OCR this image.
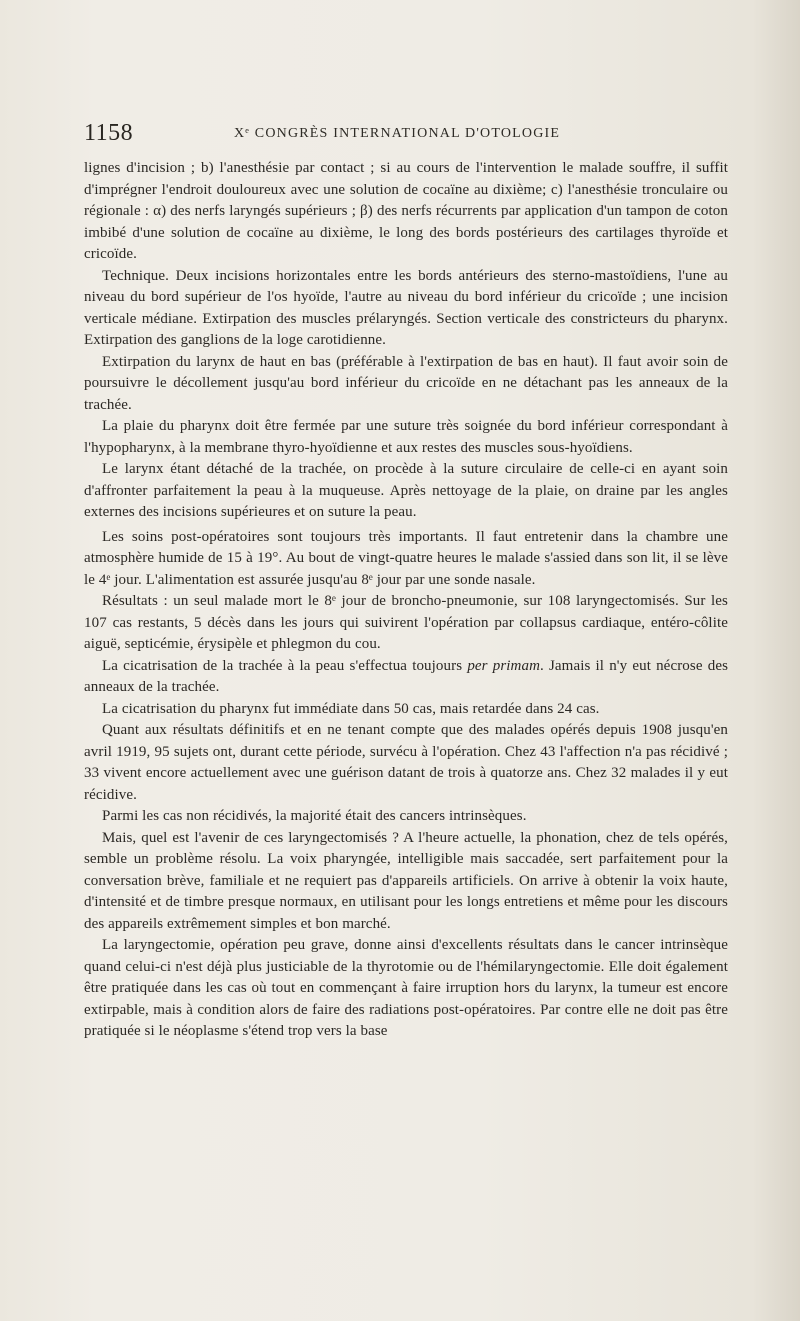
1158	Xᵉ CONGRÈS INTERNATIONAL D'OTOLOGIE

lignes d'incision ; b) l'anesthésie par contact ; si au cours de l'intervention le malade souffre, il suffit d'imprégner l'endroit douloureux avec une solution de cocaïne au dixième; c) l'anesthésie tronculaire ou régionale : α) des nerfs laryngés supérieurs ; β) des nerfs récurrents par application d'un tampon de coton imbibé d'une solution de cocaïne au dixième, le long des bords postérieurs des cartilages thyroïde et cricoïde.

Technique. Deux incisions horizontales entre les bords antérieurs des sterno-mastoïdiens, l'une au niveau du bord supérieur de l'os hyoïde, l'autre au niveau du bord inférieur du cricoïde ; une incision verticale médiane. Extirpation des muscles prélaryngés. Section verticale des constricteurs du pharynx. Extirpation des ganglions de la loge carotidienne.

Extirpation du larynx de haut en bas (préférable à l'extirpation de bas en haut). Il faut avoir soin de poursuivre le décollement jusqu'au bord inférieur du cricoïde en ne détachant pas les anneaux de la trachée.

La plaie du pharynx doit être fermée par une suture très soignée du bord inférieur correspondant à l'hypopharynx, à la membrane thyro-hyoïdienne et aux restes des muscles sous-hyoïdiens.

Le larynx étant détaché de la trachée, on procède à la suture circulaire de celle-ci en ayant soin d'affronter parfaitement la peau à la muqueuse. Après nettoyage de la plaie, on draine par les angles externes des incisions supérieures et on suture la peau.

Les soins post-opératoires sont toujours très importants. Il faut entretenir dans la chambre une atmosphère humide de 15 à 19°. Au bout de vingt-quatre heures le malade s'assied dans son lit, il se lève le 4ᵉ jour. L'alimentation est assurée jusqu'au 8ᵉ jour par une sonde nasale.

Résultats : un seul malade mort le 8ᵉ jour de broncho-pneumonie, sur 108 laryngectomisés. Sur les 107 cas restants, 5 décès dans les jours qui suivirent l'opération par collapsus cardiaque, entéro-côlite aiguë, septicémie, érysipèle et phlegmon du cou.

La cicatrisation de la trachée à la peau s'effectua toujours per primam. Jamais il n'y eut nécrose des anneaux de la trachée.

La cicatrisation du pharynx fut immédiate dans 50 cas, mais retardée dans 24 cas.

Quant aux résultats définitifs et en ne tenant compte que des malades opérés depuis 1908 jusqu'en avril 1919, 95 sujets ont, durant cette période, survécu à l'opération. Chez 43 l'affection n'a pas récidivé ; 33 vivent encore actuellement avec une guérison datant de trois à quatorze ans. Chez 32 malades il y eut récidive.

Parmi les cas non récidivés, la majorité était des cancers intrinsèques.

Mais, quel est l'avenir de ces laryngectomisés ? A l'heure actuelle, la phonation, chez de tels opérés, semble un problème résolu. La voix pharyngée, intelligible mais saccadée, sert parfaitement pour la conversation brève, familiale et ne requiert pas d'appareils artificiels. On arrive à obtenir la voix haute, d'intensité et de timbre presque normaux, en utilisant pour les longs entretiens et même pour les discours des appareils extrêmement simples et bon marché.

La laryngectomie, opération peu grave, donne ainsi d'excellents résultats dans le cancer intrinsèque quand celui-ci n'est déjà plus justiciable de la thyrotomie ou de l'hémilaryngectomie. Elle doit également être pratiquée dans les cas où tout en commençant à faire irruption hors du larynx, la tumeur est encore extirpable, mais à condition alors de faire des radiations post-opératoires. Par contre elle ne doit pas être pratiquée si le néoplasme s'étend trop vers la base
